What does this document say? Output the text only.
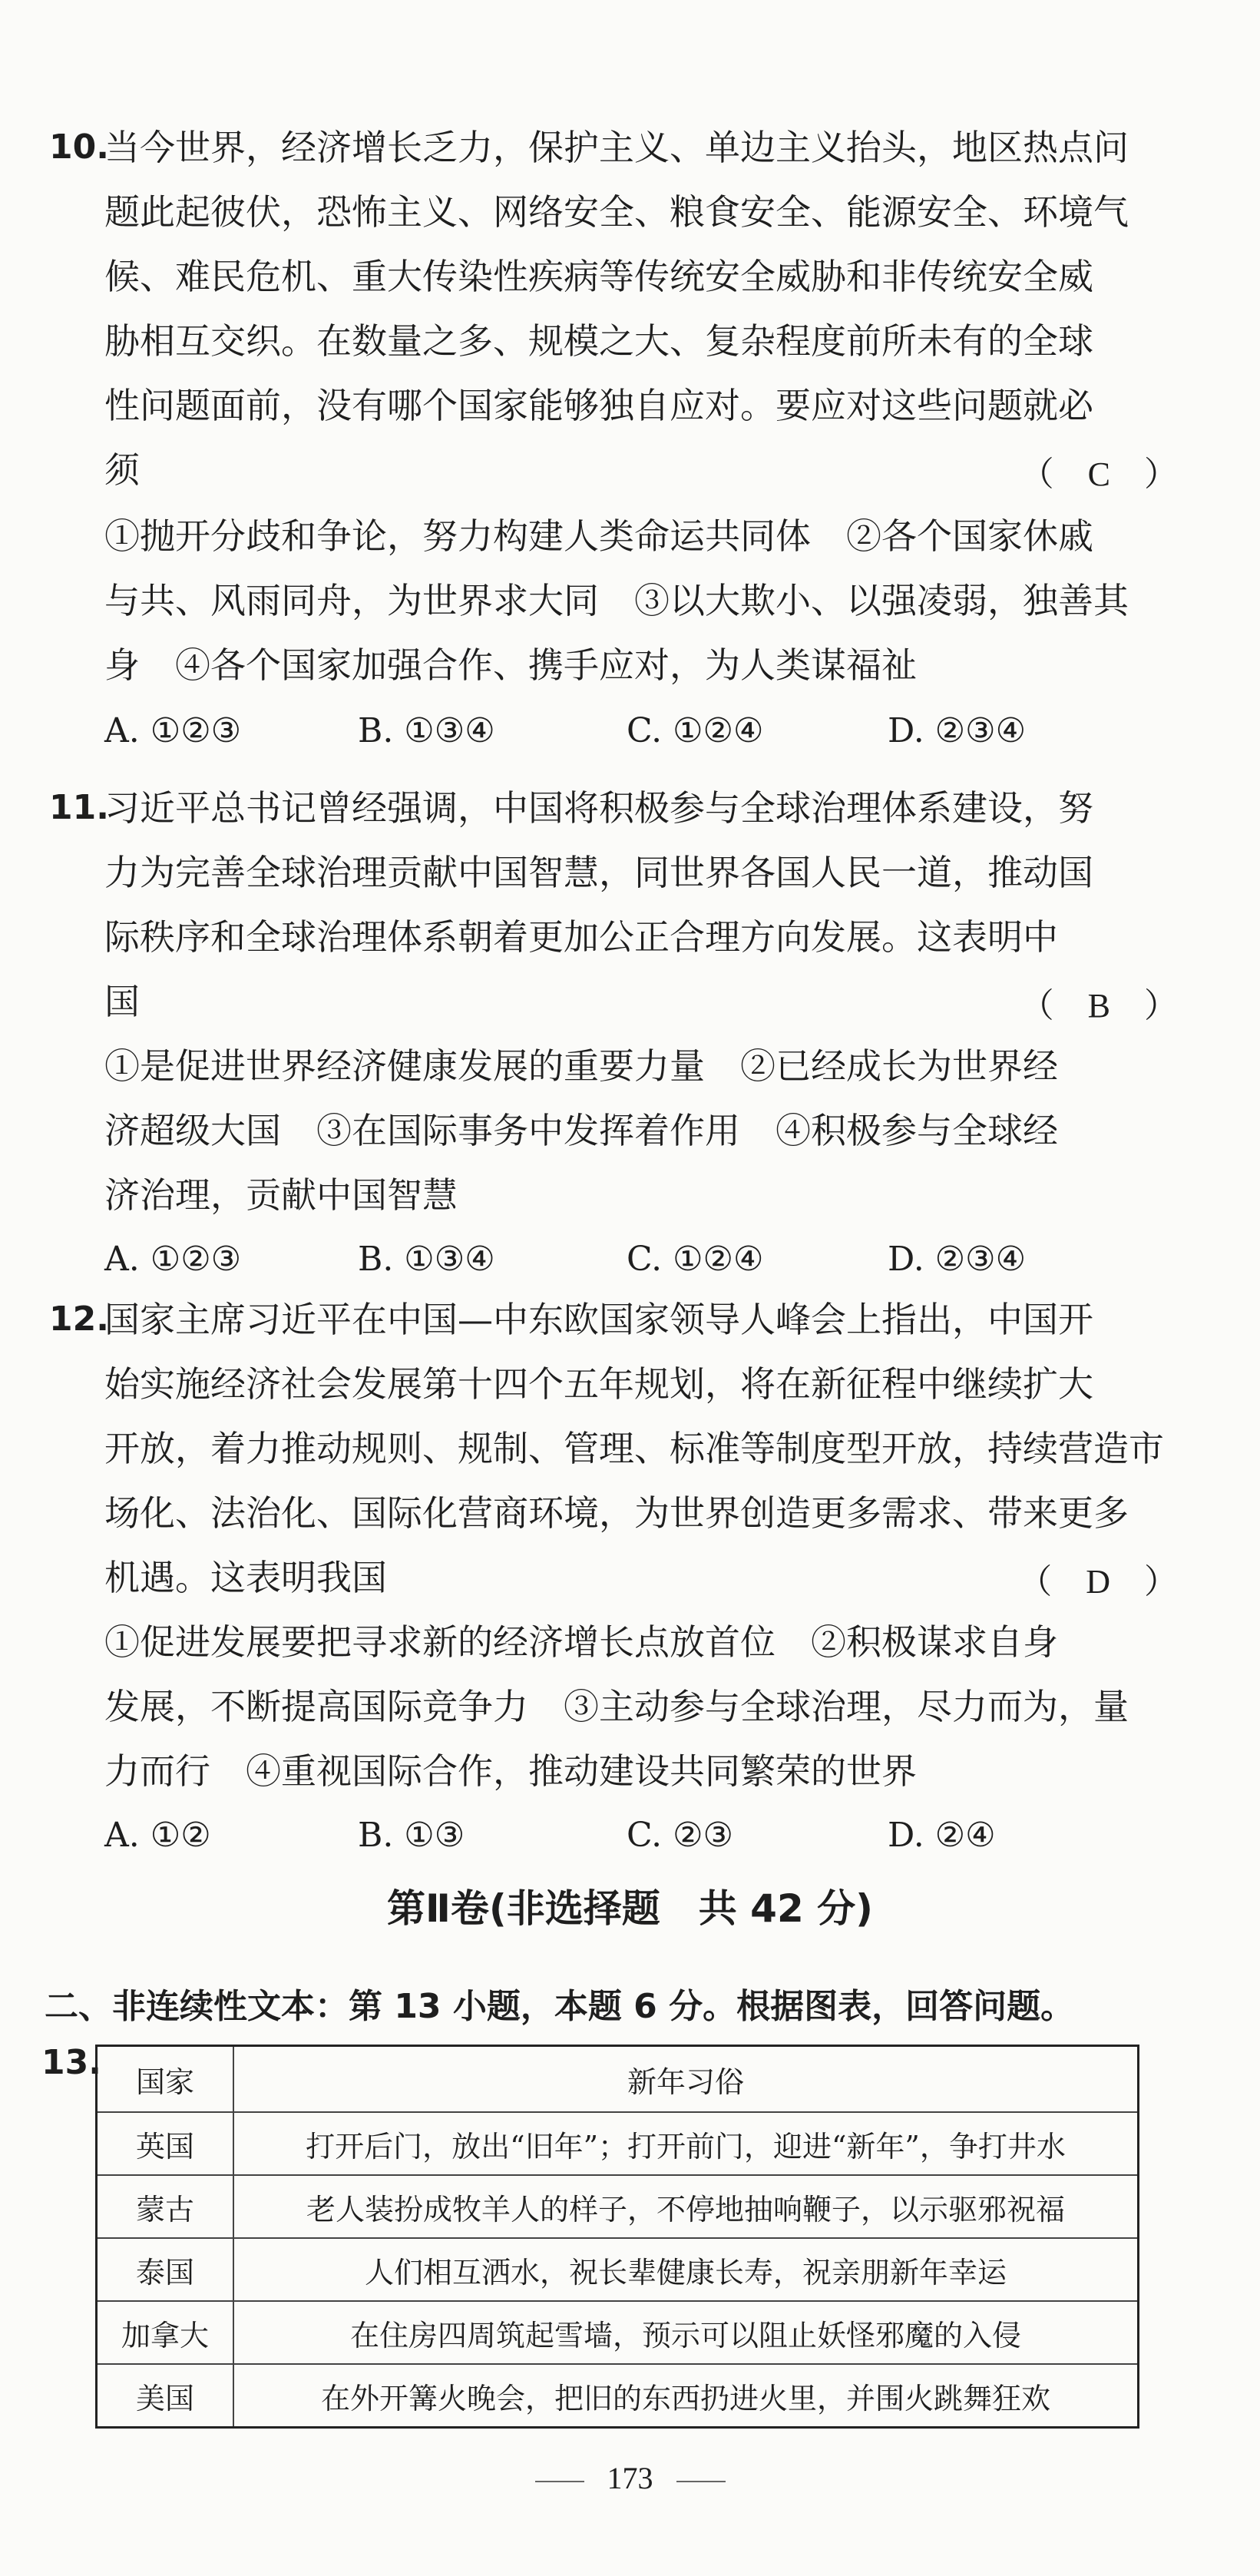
10.
当今世界，经济增长乏力，保护主义、单边主义抬头，地区热点问
题此起彼伏，恐怖主义、网络安全、粮食安全、能源安全、环境气
候、难民危机、重大传染性疾病等传统安全威胁和非传统安全威
胁相互交织。在数量之多、规模之大、复杂程度前所未有的全球
性问题面前，没有哪个国家能够独自应对。要应对这些问题就必
须	（　C　）
①抛开分歧和争论，努力构建人类命运共同体　②各个国家休戚
与共、风雨同舟，为世界求大同　③以大欺小、以强凌弱，独善其
身　④各个国家加强合作、携手应对，为人类谋福祉
A. ①②③	B. ①③④	C. ①②④	D. ②③④
11.
习近平总书记曾经强调，中国将积极参与全球治理体系建设，努
力为完善全球治理贡献中国智慧，同世界各国人民一道，推动国
际秩序和全球治理体系朝着更加公正合理方向发展。这表明中
国	（　B　）
①是促进世界经济健康发展的重要力量　②已经成长为世界经
济超级大国　③在国际事务中发挥着作用　④积极参与全球经
济治理，贡献中国智慧
A. ①②③	B. ①③④	C. ①②④	D. ②③④
12.
国家主席习近平在中国—中东欧国家领导人峰会上指出，中国开
始实施经济社会发展第十四个五年规划，将在新征程中继续扩大
开放，着力推动规则、规制、管理、标准等制度型开放，持续营造市
场化、法治化、国际化营商环境，为世界创造更多需求、带来更多
机遇。这表明我国	（　D　）
①促进发展要把寻求新的经济增长点放首位　②积极谋求自身
发展，不断提高国际竞争力　③主动参与全球治理，尽力而为，量
力而行　④重视国际合作，推动建设共同繁荣的世界
A. ①②	B. ①③	C. ②③	D. ②④
第Ⅱ卷(非选择题　共 42 分)
二、非连续性文本：第 13 小题，本题 6 分。根据图表，回答问题。
13. 国家	新年习俗
英国	打开后门，放出“旧年”；打开前门，迎进“新年”，争打井水
蒙古	老人装扮成牧羊人的样子，不停地抽响鞭子，以示驱邪祝福
泰国	人们相互洒水，祝长辈健康长寿，祝亲朋新年幸运
加拿大	在住房四周筑起雪墙，预示可以阻止妖怪邪魔的入侵
美国	在外开篝火晚会，把旧的东西扔进火里，并围火跳舞狂欢
173
